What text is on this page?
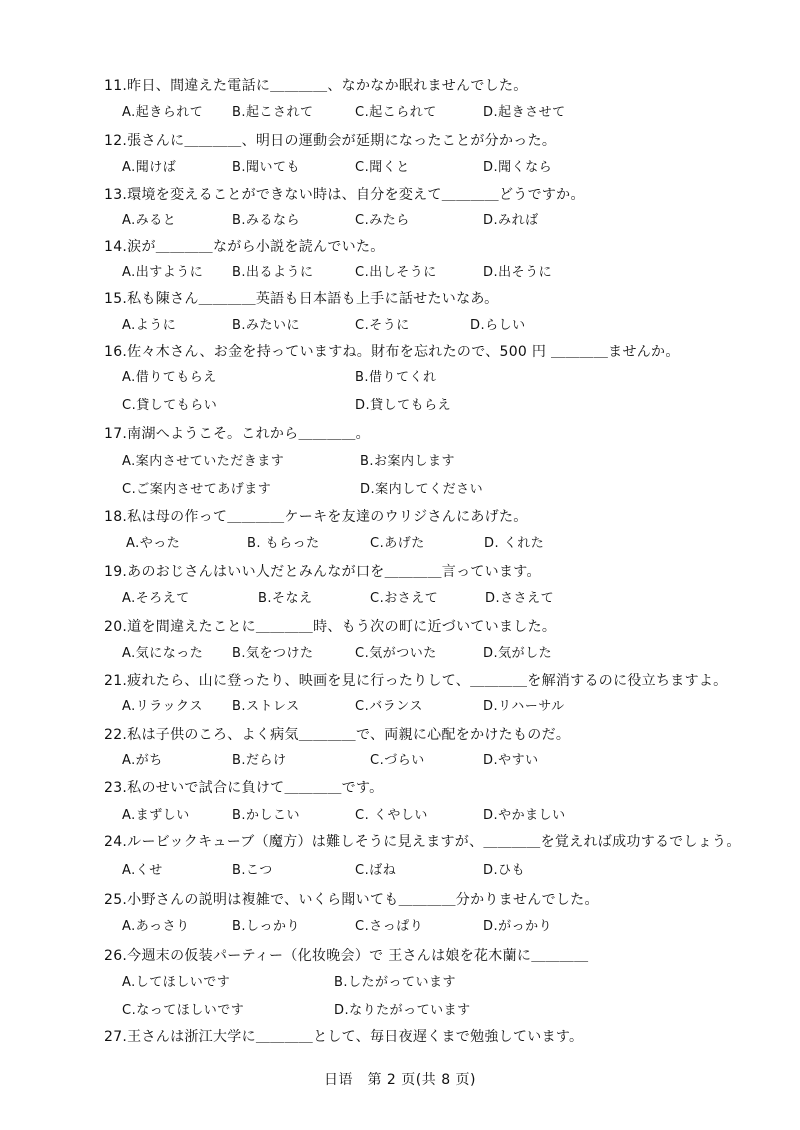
11.昨日、間違えた電話に＿＿＿＿、なかなか眠れませんでした。
A.起きられて B.起こされて	C.起こられて	D.起きさせて
12.張さんに＿＿＿＿、明日の運動会が延期になったことが分かった。
A.聞けば	B.聞いても	C.聞くと	D.聞くなら
13.環境を変えることができない時は、自分を変えて＿＿＿＿どうですか。
A.みると	B.みるなら	C.みたら	D.みれば
14.涙が＿＿＿＿ながら小説を読んでいた。
A.出すように B.出るように	C.出しそうに	D.出そうに
15.私も陳さん＿＿＿＿英語も日本語も上手に話せたいなあ。
A.ように	B.みたいに	C.そうに	D.らしい
16.佐々木さん、お金を持っていますね。財布を忘れたので、500 円 ＿＿＿＿ませんか。
A.借りてもらえ	B.借りてくれ
C.貸してもらい	D.貸してもらえ
17.南湖へようこそ。これから＿＿＿＿。
A.案内させていただきます	B.お案内します
C.ご案内させてあげます	D.案内してください
18.私は母の作って＿＿＿＿ケーキを友達のウリジさんにあげた。
A.やった	B. もらった	C.あげた	D. くれた
19.あのおじさんはいい人だとみんなが口を＿＿＿＿言っています。
A.そろえて	B.そなえ	C.おさえて	D.ささえて
20.道を間違えたことに＿＿＿＿時、もう次の町に近づいていました。
A.気になった B.気をつけた	C.気がついた	D.気がした
21.疲れたら、山に登ったり、映画を見に行ったりして、＿＿＿＿を解消するのに役立ちますよ。
A.リラックス B.ストレス	C.バランス	D.リハーサル
22.私は子供のころ、よく病気＿＿＿＿で、両親に心配をかけたものだ。
A.がち	B.だらけ	C.づらい	D.やすい
23.私のせいで試合に負けて＿＿＿＿です。
A.まずしい	B.かしこい	C. くやしい	D.やかましい
24.ルービックキューブ（魔方）は難しそうに見えますが、＿＿＿＿を覚えれば成功するでしょう。
A.くせ	B.こつ	C.ばね	D.ひも
25.小野さんの説明は複雑で、いくら聞いても＿＿＿＿分かりませんでした。
A.あっさり	B.しっかり	C.さっぱり	D.がっかり
26.今週末の仮装パーティー（化妆晚会）で 王さんは娘を花木蘭に＿＿＿＿
A.してほしいです	B.したがっています
C.なってほしいです	D.なりたがっています
27.王さんは浙江大学に＿＿＿＿として、毎日夜遅くまで勉強しています。
日语　第 2 页(共 8 页)
